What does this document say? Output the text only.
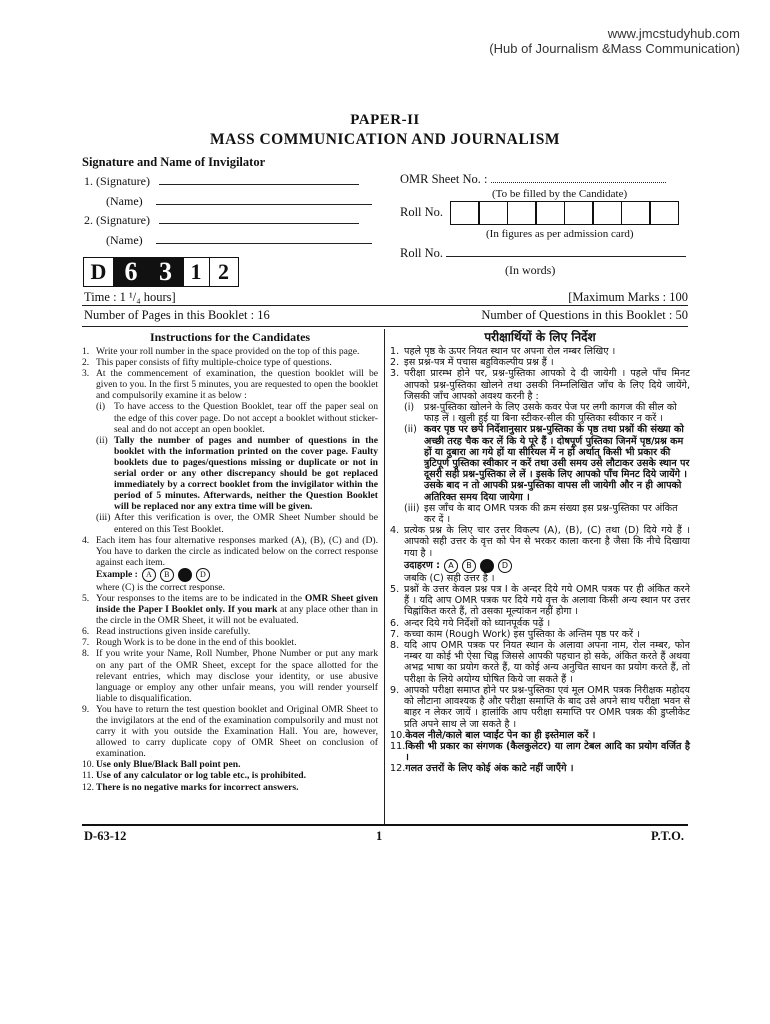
www.jmcstudyhub.com
(Hub of Journalism &Mass Communication)
PAPER-II
MASS COMMUNICATION AND JOURNALISM
Signature and Name of Invigilator
1. (Signature)
(Name)
2. (Signature)
(Name)
OMR Sheet No. :
(To be filled by the Candidate)
Roll No.
(In figures as per admission card)
Roll No.
(In words)
D 6 3 1 2
Time : 1 ¹/₄ hours]	[Maximum Marks : 100
Number of Pages in this Booklet : 16	Number of Questions in this Booklet : 50
Instructions for the Candidates
1. Write your roll number in the space provided on the top of this page.
2. This paper consists of fifty multiple-choice type of questions.
3. At the commencement of examination, the question booklet will be given to you. In the first 5 minutes, you are requested to open the booklet and compulsorily examine it as below :
(i) To have access to the Question Booklet, tear off the paper seal on the edge of this cover page. Do not accept a booklet without sticker-seal and do not accept an open booklet.
(ii) Tally the number of pages and number of questions in the booklet with the information printed on the cover page. Faulty booklets due to pages/questions missing or duplicate or not in serial order or any other discrepancy should be got replaced immediately by a correct booklet from the invigilator within the period of 5 minutes. Afterwards, neither the Question Booklet will be replaced nor any extra time will be given.
(iii) After this verification is over, the OMR Sheet Number should be entered on this Test Booklet.
4. Each item has four alternative responses marked (A), (B), (C) and (D). You have to darken the circle as indicated below on the correct response against each item.
Example :	A	B	D
where (C) is the correct response.
5. Your responses to the items are to be indicated in the OMR Sheet given inside the Paper I Booklet only. If you mark at any place other than in the circle in the OMR Sheet, it will not be evaluated.
6. Read instructions given inside carefully.
7. Rough Work is to be done in the end of this booklet.
8. If you write your Name, Roll Number, Phone Number or put any mark on any part of the OMR Sheet, except for the space allotted for the relevant entries, which may disclose your identity, or use abusive language or employ any other unfair means, you will render yourself liable to disqualification.
9. You have to return the test question booklet and Original OMR Sheet to the invigilators at the end of the examination compulsorily and must not carry it with you outside the Examination Hall. You are, however, allowed to carry duplicate copy of OMR Sheet on conclusion of examination.
10. Use only Blue/Black Ball point pen.
11. Use of any calculator or log table etc., is prohibited.
12. There is no negative marks for incorrect answers.
परीक्षार्थियों के लिए निर्देश
1. पहले पृष्ठ के ऊपर नियत स्थान पर अपना रोल नम्बर लिखिए ।
2. इस प्रश्न-पत्र में पचास बहुविकल्पीय प्रश्न हैं ।
3. परीक्षा प्रारम्भ होने पर, प्रश्न-पुस्तिका आपको दे दी जायेगी । पहले पाँच मिनट आपको प्रश्न-पुस्तिका खोलने तथा उसकी निम्नलिखित जाँच के लिए दिये जायेंगे, जिसकी जाँच आपको अवश्य करनी है :
(i)	प्रश्न-पुस्तिका खोलने के लिए उसके कवर पेज पर लगी कागज की सील को फाड़ लें । खुली हुई या बिना स्टीकर-सील की पुस्तिका स्वीकार न करें ।
(ii) कवर पृष्ठ पर छपे निर्देशानुसार प्रश्न-पुस्तिका के पृष्ठ तथा प्रश्नों की संख्या को अच्छी तरह चैक कर लें कि ये पूरे हैं । दोषपूर्ण पुस्तिका जिनमें पृष्ठ/प्रश्न कम हों या दुबारा आ गये हों या सीरियल में न हों अर्थात् किसी भी प्रकार की त्रुटिपूर्ण पुस्तिका स्वीकार न करें तथा उसी समय उसे लौटाकर उसके स्थान पर दूसरी सही प्रश्न-पुस्तिका ले लें । इसके लिए आपको पाँच मिनट दिये जायेंगे । उसके बाद न तो आपकी प्रश्न-पुस्तिका वापस ली जायेगी और न ही आपको अतिरिक्त समय दिया जायेगा ।
(iii) इस जाँच के बाद OMR पत्रक की क्रम संख्या इस प्रश्न-पुस्तिका पर अंकित कर दें ।
4. प्रत्येक प्रश्न के लिए चार उत्तर विकल्प (A), (B), (C) तथा (D) दिये गये हैं । आपको सही उत्तर के वृत्त को पेन से भरकर काला करना है जैसा कि नीचे दिखाया गया है ।
उदाहरण :	A	B	D
जबकि (C) सही उत्तर है ।
5. प्रश्नों के उत्तर केवल प्रश्न पत्र I के अन्दर दिये गये OMR पत्रक पर ही अंकित करने हैं । यदि आप OMR पत्रक पर दिये गये वृत्त के अलावा किसी अन्य स्थान पर उत्तर चिह्नांकित करते हैं, तो उसका मूल्यांकन नहीं होगा ।
6. अन्दर दिये गये निर्देशों को ध्यानपूर्वक पढ़ें ।
7. कच्चा काम (Rough Work) इस पुस्तिका के अन्तिम पृष्ठ पर करें ।
8. यदि आप OMR पत्रक पर नियत स्थान के अलावा अपना नाम, रोल नम्बर, फोन नम्बर या कोई भी ऐसा चिह्न जिससे आपकी पहचान हो सके, अंकित करते हैं अथवा अभद्र भाषा का प्रयोग करते हैं, या कोई अन्य अनुचित साधन का प्रयोग करते हैं, तो परीक्षा के लिये अयोग्य घोषित किये जा सकते हैं ।
9. आपको परीक्षा समाप्त होने पर प्रश्न-पुस्तिका एवं मूल OMR पत्रक निरीक्षक महोदय को लौटाना आवश्यक है और परीक्षा समाप्ति के बाद उसे अपने साथ परीक्षा भवन से बाहर न लेकर जायें । हालांकि आप परीक्षा समाप्ति पर OMR पत्रक की डुप्लीकेट प्रति अपने साथ ले जा सकते है ।
10. केवल नीले/काले बाल प्वाईंट पेन का ही इस्तेमाल करें ।
11. किसी भी प्रकार का संगणक (कैलकुलेटर) या लाग टेबल आदि का प्रयोग वर्जित है ।
12. गलत उत्तरों के लिए कोई अंक काटे नहीं जाएँगे ।
D-63-12	1	P.T.O.
